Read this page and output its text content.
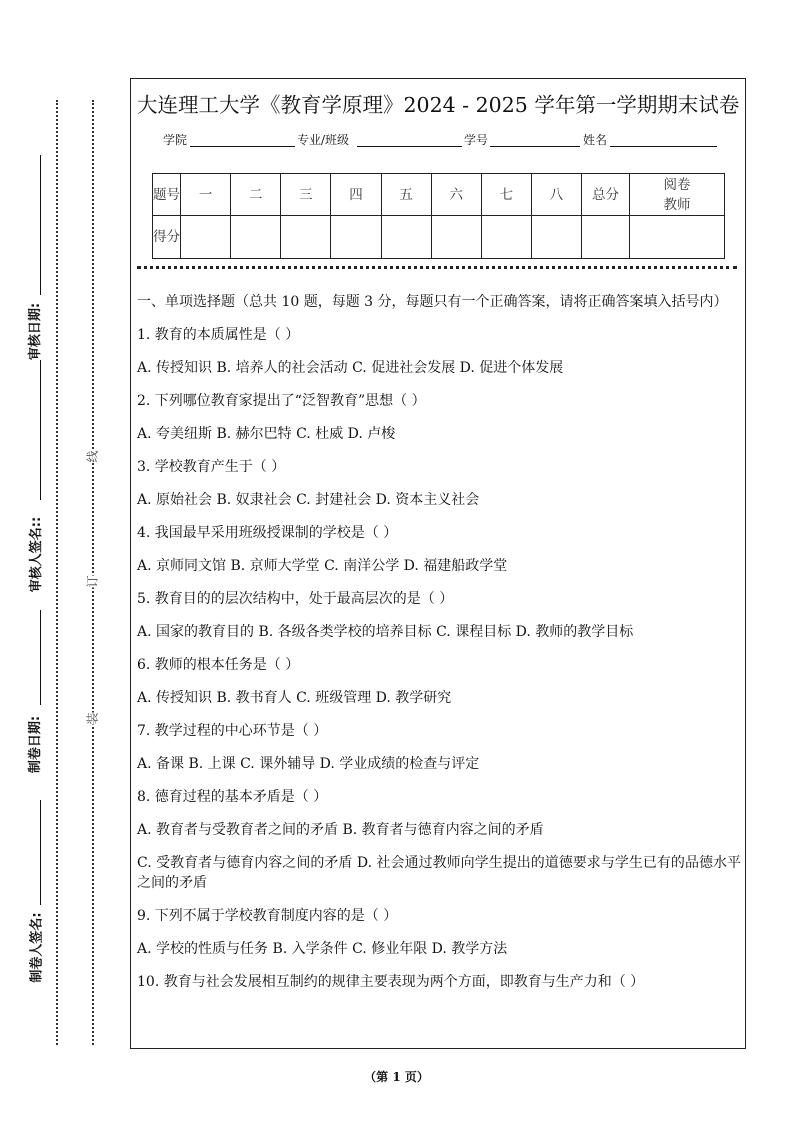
审核日期:
审核人签名::
制卷日期:
制卷人签名:
线
订
装
大连理工大学《教育学原理》2024 - 2025 学年第一学期期末试卷
学院	专业/班级	学号	姓名
题号	一	二	三	四	五	六	七	八	总分	阅卷教师
得分										
一、单项选择题（总共 10 题，每题 3 分，每题只有一个正确答案，请将正确答案填入括号内）
1. 教育的本质属性是（ ）
A. 传授知识 B. 培养人的社会活动 C. 促进社会发展 D. 促进个体发展
2. 下列哪位教育家提出了“泛智教育”思想（ ）
A. 夸美纽斯 B. 赫尔巴特 C. 杜威 D. 卢梭
3. 学校教育产生于（ ）
A. 原始社会 B. 奴隶社会 C. 封建社会 D. 资本主义社会
4. 我国最早采用班级授课制的学校是（ ）
A. 京师同文馆 B. 京师大学堂 C. 南洋公学 D. 福建船政学堂
5. 教育目的的层次结构中，处于最高层次的是（ ）
A. 国家的教育目的 B. 各级各类学校的培养目标 C. 课程目标 D. 教师的教学目标
6. 教师的根本任务是（ ）
A. 传授知识 B. 教书育人 C. 班级管理 D. 教学研究
7. 教学过程的中心环节是（ ）
A. 备课 B. 上课 C. 课外辅导 D. 学业成绩的检查与评定
8. 德育过程的基本矛盾是（ ）
A. 教育者与受教育者之间的矛盾 B. 教育者与德育内容之间的矛盾
C. 受教育者与德育内容之间的矛盾 D. 社会通过教师向学生提出的道德要求与学生已有的品德水平之间的矛盾
9. 下列不属于学校教育制度内容的是（ ）
A. 学校的性质与任务 B. 入学条件 C. 修业年限 D. 教学方法
10. 教育与社会发展相互制约的规律主要表现为两个方面，即教育与生产力和（ ）
（第 1 页）
